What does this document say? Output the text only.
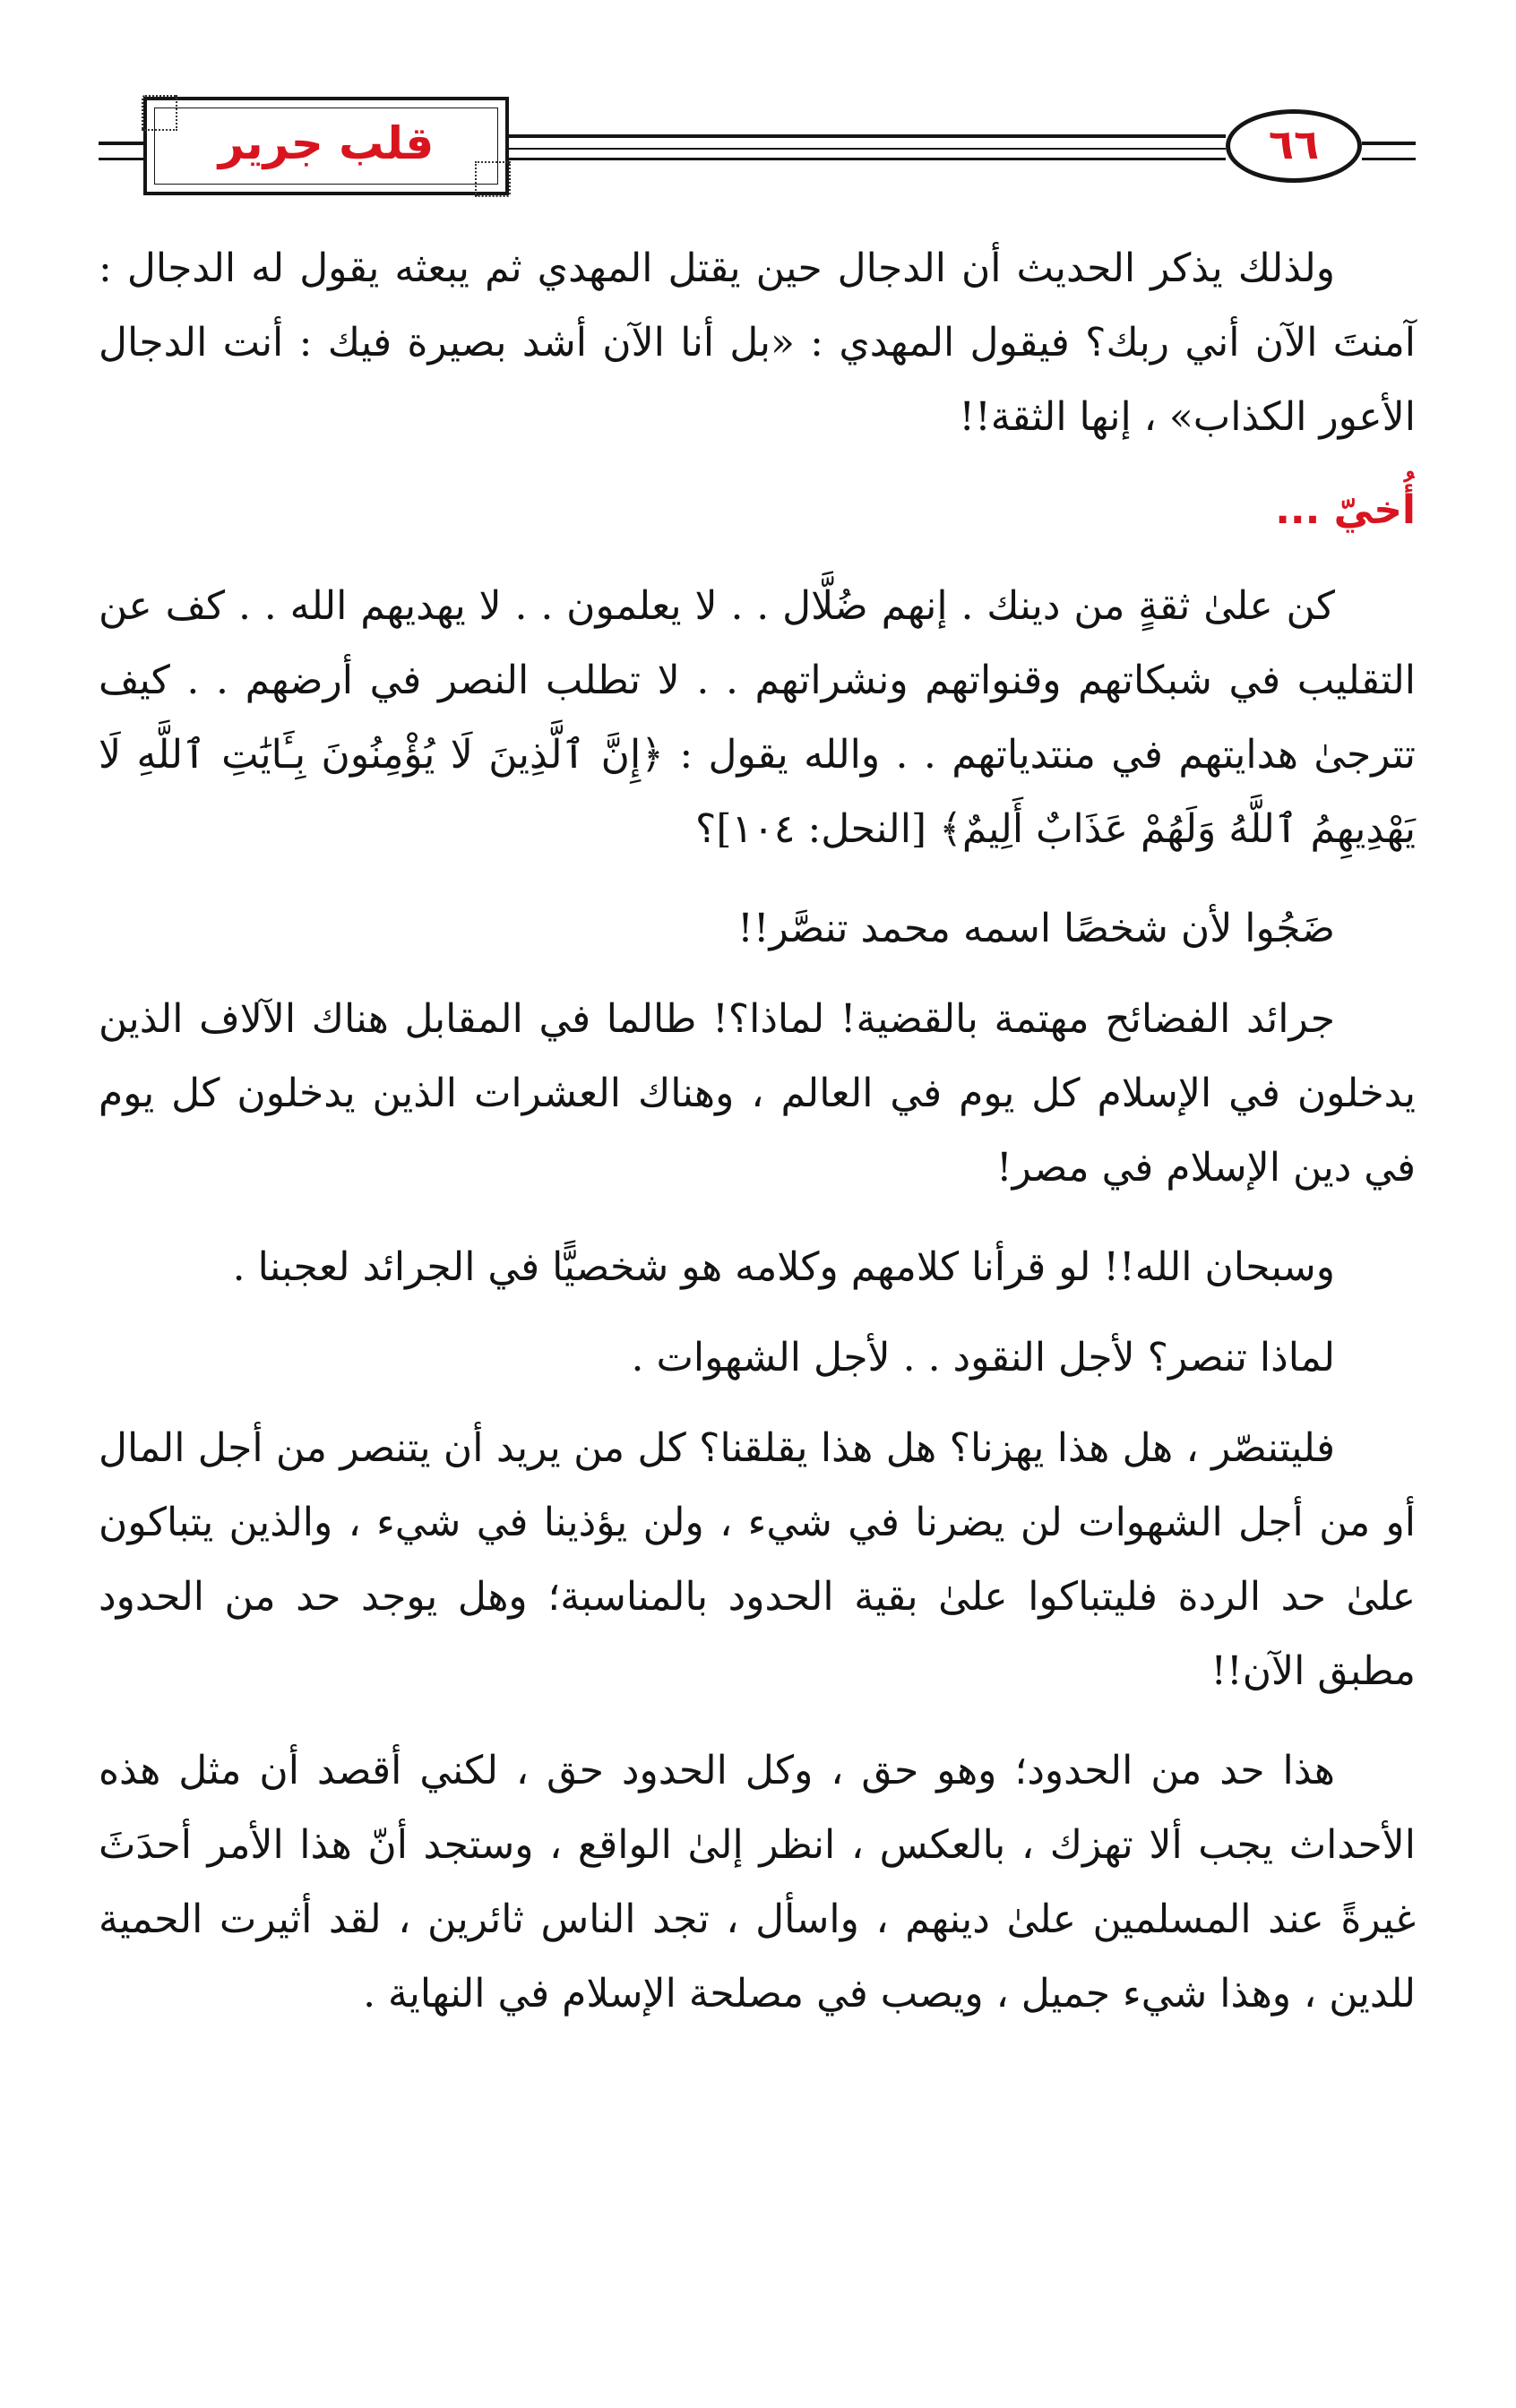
قلب جرير	٦٦

ولذلك يذكر الحديث أن الدجال حين يقتل المهدي ثم يبعثه يقول له الدجال : آمنتَ الآن أني ربك؟ فيقول المهدي : «بل أنا الآن أشد بصيرة فيك : أنت الدجال الأعور الكذاب» ، إنها الثقة!!

أُخيّ ...

كن علىٰ ثقةٍ من دينك . إنهم ضُلَّال . . لا يعلمون . . لا يهديهم الله . . كف عن التقليب في شبكاتهم وقنواتهم ونشراتهم . . لا تطلب النصر في أرضهم . . كيف تترجىٰ هدايتهم في منتدياتهم . . والله يقول : ﴿إِنَّ ٱلَّذِينَ لَا يُؤْمِنُونَ بِـَٔايَٰتِ ٱللَّهِ لَا يَهْدِيهِمُ ٱللَّهُ وَلَهُمْ عَذَابٌ أَلِيمٌ﴾ [النحل: ١٠٤]؟

ضَجُوا لأن شخصًا اسمه محمد تنصَّر!!

جرائد الفضائح مهتمة بالقضية! لماذا؟! طالما في المقابل هناك الآلاف الذين يدخلون في الإسلام كل يوم في العالم ، وهناك العشرات الذين يدخلون كل يوم في دين الإسلام في مصر!

وسبحان الله!! لو قرأنا كلامهم وكلامه هو شخصيًّا في الجرائد لعجبنا .

لماذا تنصر؟ لأجل النقود . . لأجل الشهوات .

فليتنصّر ، هل هذا يهزنا؟ هل هذا يقلقنا؟ كل من يريد أن يتنصر من أجل المال أو من أجل الشهوات لن يضرنا في شيء ، ولن يؤذينا في شيء ، والذين يتباكون علىٰ حد الردة فليتباكوا علىٰ بقية الحدود بالمناسبة؛ وهل يوجد حد من الحدود مطبق الآن!!

هذا حد من الحدود؛ وهو حق ، وكل الحدود حق ، لكني أقصد أن مثل هذه الأحداث يجب ألا تهزك ، بالعكس ، انظر إلىٰ الواقع ، وستجد أنّ هذا الأمر أحدَثَ غيرةً عند المسلمين علىٰ دينهم ، واسأل ، تجد الناس ثائرين ، لقد أثيرت الحمية للدين ، وهذا شيء جميل ، ويصب في مصلحة الإسلام في النهاية .
